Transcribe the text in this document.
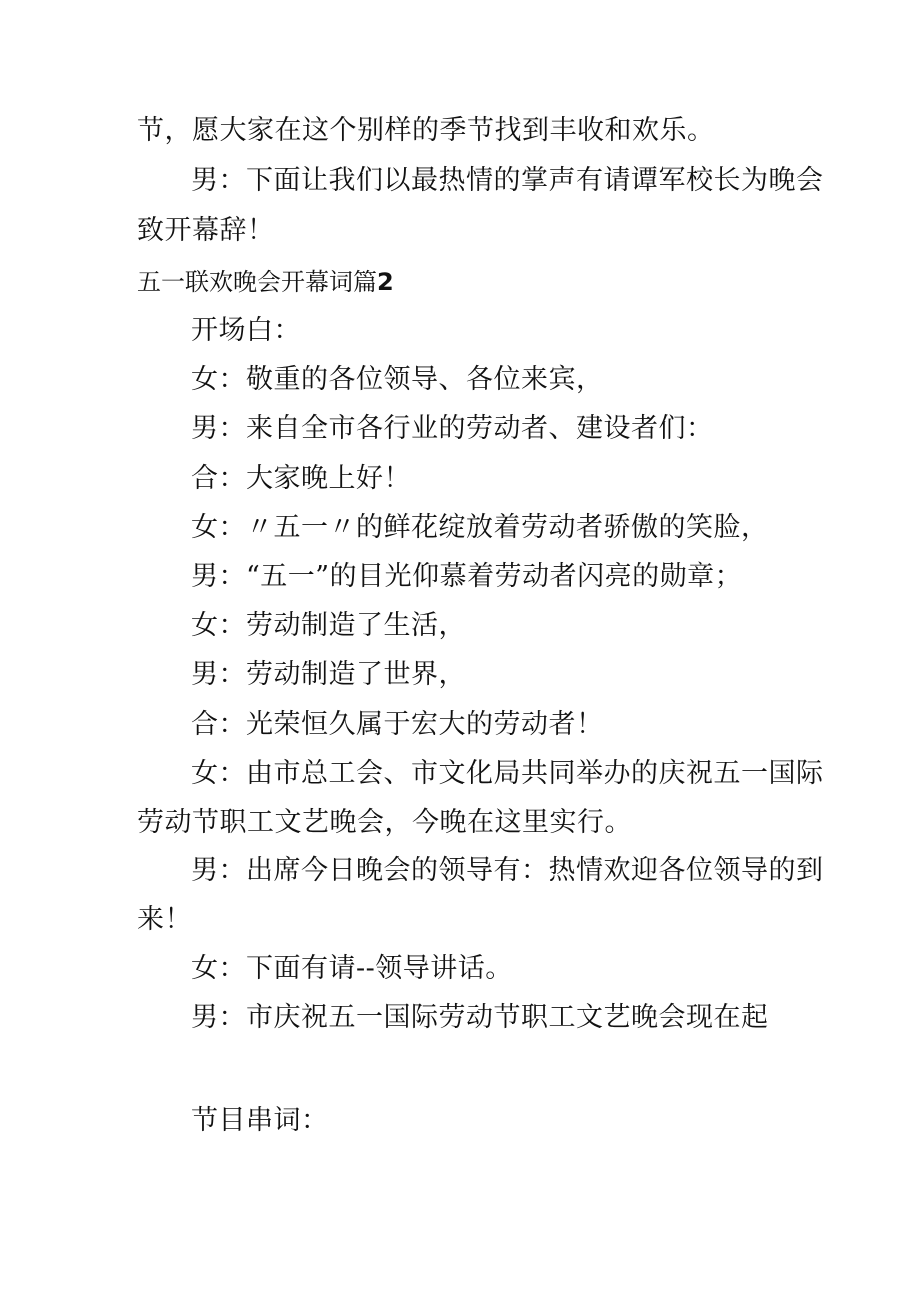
节，愿大家在这个别样的季节找到丰收和欢乐。

男：下面让我们以最热情的掌声有请谭军校长为晚会

致开幕辞！

五一联欢晚会开幕词篇2

开场白：

女：敬重的各位领导、各位来宾，

男：来自全市各行业的劳动者、建设者们：

合：大家晚上好！

女：〃五一〃的鲜花绽放着劳动者骄傲的笑脸，

男：“五一”的目光仰慕着劳动者闪亮的勋章；

女：劳动制造了生活，

男：劳动制造了世界，

合：光荣恒久属于宏大的劳动者！

女：由市总工会、市文化局共同举办的庆祝五一国际

劳动节职工文艺晚会，今晚在这里实行。

男：出席今日晚会的领导有：热情欢迎各位领导的到

来！

女：下面有请--领导讲话。

男：市庆祝五一国际劳动节职工文艺晚会现在起

节目串词：
